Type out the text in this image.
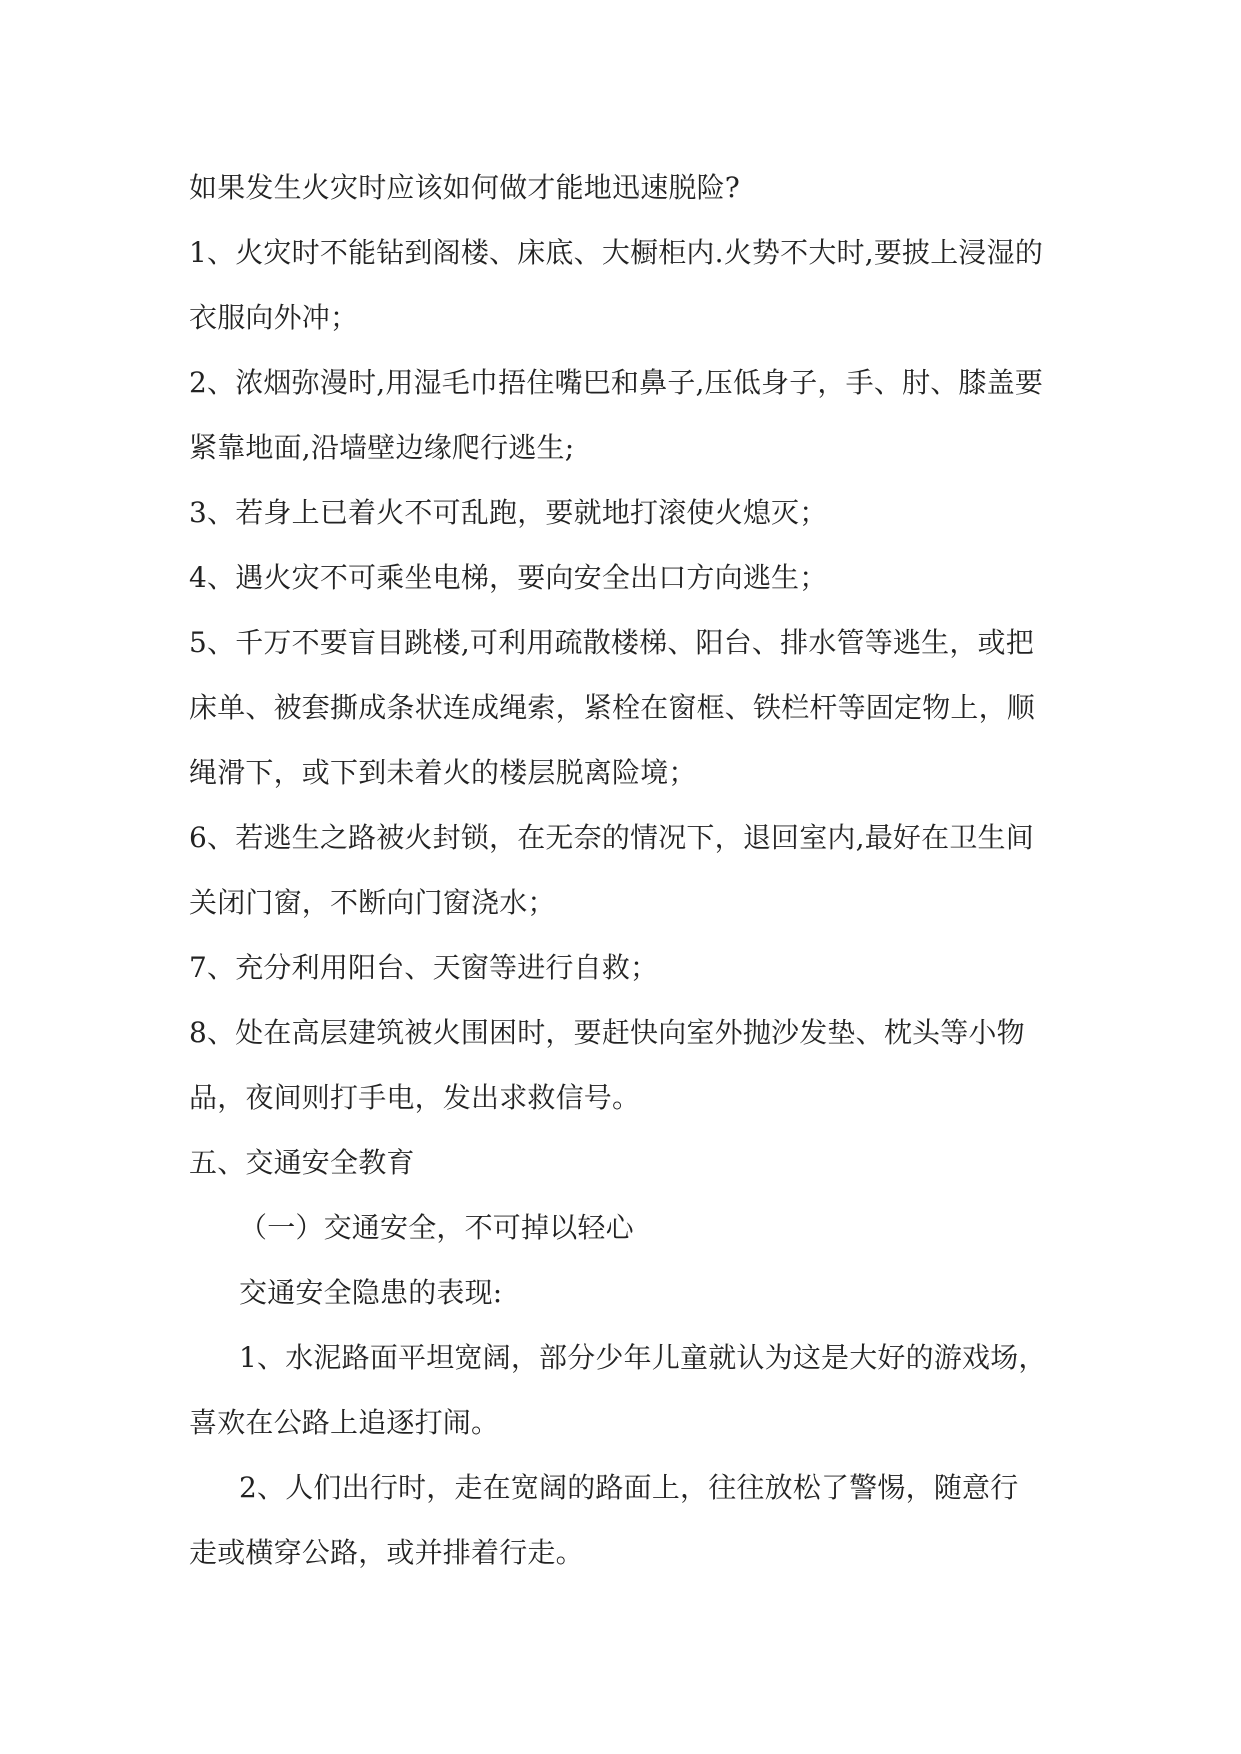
如果发生火灾时应该如何做才能地迅速脱险?
1、火灾时不能钻到阁楼、床底、大橱柜内.火势不大时,要披上浸湿的
衣服向外冲；
2、浓烟弥漫时,用湿毛巾捂住嘴巴和鼻子,压低身子，手、肘、膝盖要
紧靠地面,沿墙壁边缘爬行逃生;
3、若身上已着火不可乱跑，要就地打滚使火熄灭；
4、遇火灾不可乘坐电梯，要向安全出口方向逃生；
5、千万不要盲目跳楼,可利用疏散楼梯、阳台、排水管等逃生，或把
床单、被套撕成条状连成绳索，紧栓在窗框、铁栏杆等固定物上，顺
绳滑下，或下到未着火的楼层脱离险境；
6、若逃生之路被火封锁，在无奈的情况下，退回室内,最好在卫生间
关闭门窗，不断向门窗浇水；
7、充分利用阳台、天窗等进行自救；
8、处在高层建筑被火围困时，要赶快向室外抛沙发垫、枕头等小物
品，夜间则打手电，发出求救信号。
五、交通安全教育
（一）交通安全，不可掉以轻心
交通安全隐患的表现:
1、水泥路面平坦宽阔，部分少年儿童就认为这是大好的游戏场，
喜欢在公路上追逐打闹。
2、人们出行时，走在宽阔的路面上，往往放松了警惕，随意行
走或横穿公路，或并排着行走。
